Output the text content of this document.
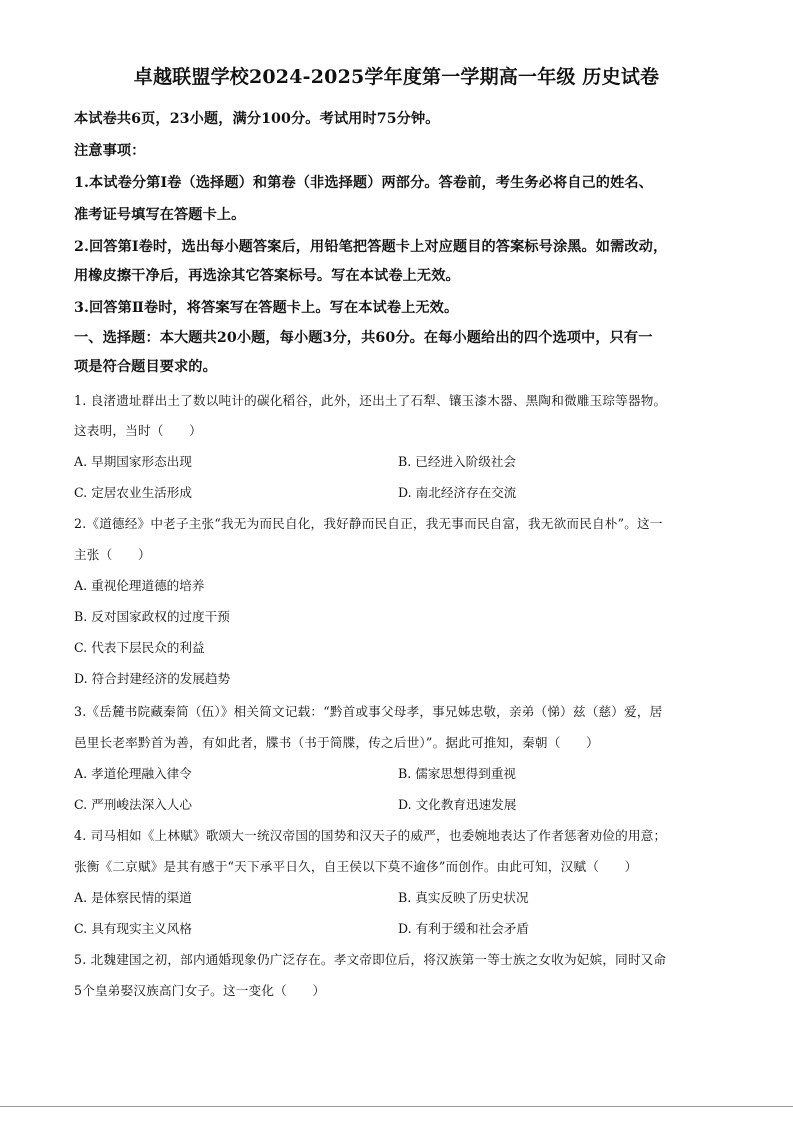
卓越联盟学校2024-2025学年度第一学期高一年级 历史试卷
本试卷共6页，23小题，满分100分。考试用时75分钟。
注意事项：
1.本试卷分第Ⅰ卷（选择题）和第卷（非选择题）两部分。答卷前，考生务必将自己的姓名、
准考证号填写在答题卡上。
2.回答第Ⅰ卷时，选出每小题答案后，用铅笔把答题卡上对应题目的答案标号涂黑。如需改动，
用橡皮擦干净后，再选涂其它答案标号。写在本试卷上无效。
3.回答第Ⅱ卷时，将答案写在答题卡上。写在本试卷上无效。
一、选择题：本大题共20小题，每小题3分，共60分。在每小题给出的四个选项中，只有一
项是符合题目要求的。
1. 良渚遗址群出土了数以吨计的碳化稻谷，此外，还出土了石犁、镶玉漆木器、黑陶和微雕玉琮等器物。
这表明，当时（　　）
A. 早期国家形态出现	B. 已经进入阶级社会
C. 定居农业生活形成	D. 南北经济存在交流
2.《道德经》中老子主张“我无为而民自化，我好静而民自正，我无事而民自富，我无欲而民自朴”。这一
主张（　　）
A. 重视伦理道德的培养
B. 反对国家政权的过度干预
C. 代表下层民众的利益
D. 符合封建经济的发展趋势
3.《岳麓书院藏秦简（伍）》相关简文记载：“黔首或事父母孝，事兄姊忠敬，亲弟（悌）兹（慈）爱，居
邑里长老率黔首为善，有如此者，牒书（书于简牒，传之后世）”。据此可推知，秦朝（　　）
A. 孝道伦理融入律令	B. 儒家思想得到重视
C. 严刑峻法深入人心	D. 文化教育迅速发展
4. 司马相如《上林赋》歌颂大一统汉帝国的国势和汉天子的威严，也委婉地表达了作者惩奢劝俭的用意；
张衡《二京赋》是其有感于“天下承平日久，自王侯以下莫不逾侈”而创作。由此可知，汉赋（　　）
A. 是体察民情的渠道	B. 真实反映了历史状况
C. 具有现实主义风格	D. 有利于缓和社会矛盾
5. 北魏建国之初，部内通婚现象仍广泛存在。孝文帝即位后，将汉族第一等士族之女收为妃嫔，同时又命
5个皇弟娶汉族高门女子。这一变化（　　）
